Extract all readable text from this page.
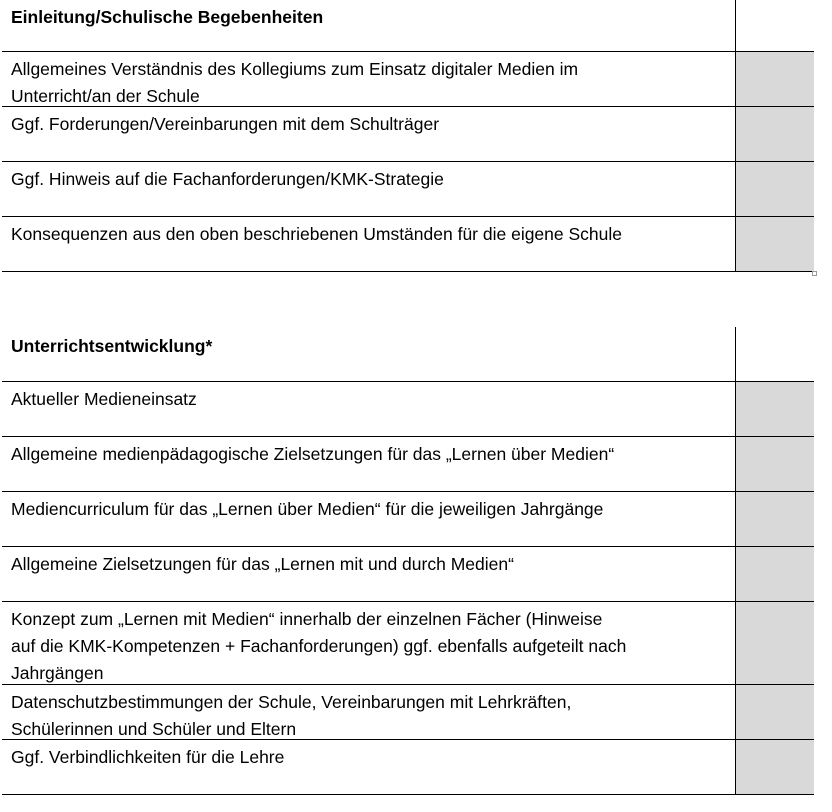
Einleitung/Schulische Begebenheiten
Allgemeines Verständnis des Kollegiums zum Einsatz digitaler Medien im
Unterricht/an der Schule
Ggf. Forderungen/Vereinbarungen mit dem Schulträger
Ggf. Hinweis auf die Fachanforderungen/KMK-Strategie
Konsequenzen aus den oben beschriebenen Umständen für die eigene Schule
Unterrichtsentwicklung*
Aktueller Medieneinsatz
Allgemeine medienpädagogische Zielsetzungen für das „Lernen über Medien“
Mediencurriculum für das „Lernen über Medien“ für die jeweiligen Jahrgänge
Allgemeine Zielsetzungen für das „Lernen mit und durch Medien“
Konzept zum „Lernen mit Medien“ innerhalb der einzelnen Fächer (Hinweise
auf die KMK-Kompetenzen + Fachanforderungen) ggf. ebenfalls aufgeteilt nach
Jahrgängen
Datenschutzbestimmungen der Schule, Vereinbarungen mit Lehrkräften,
Schülerinnen und Schüler und Eltern
Ggf. Verbindlichkeiten für die Lehre
